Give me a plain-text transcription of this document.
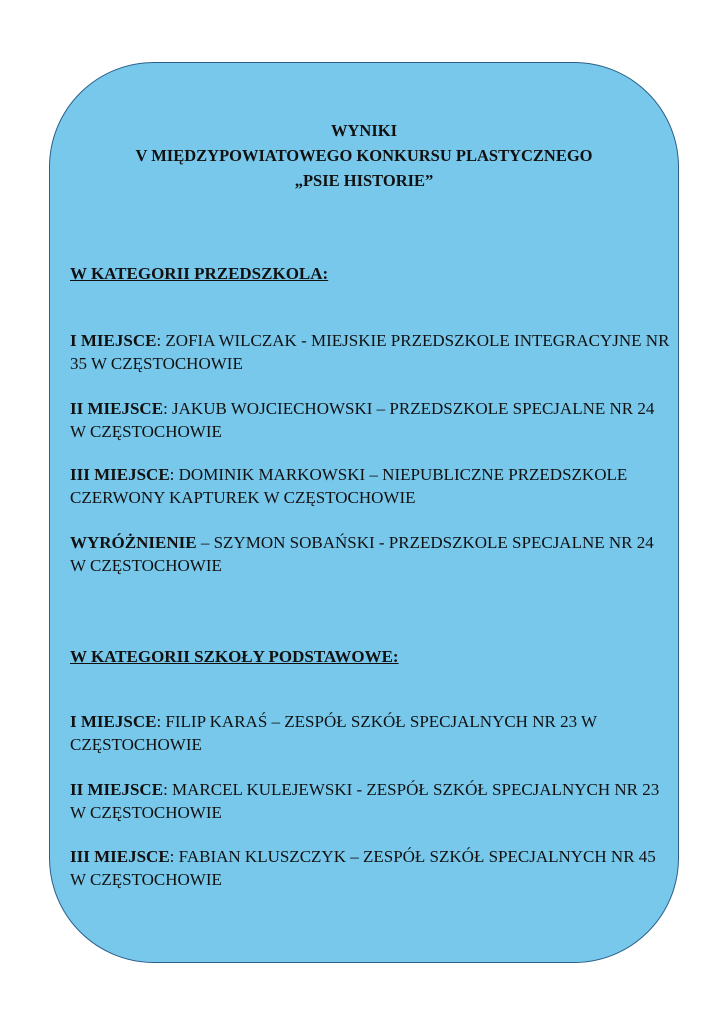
WYNIKI
V MIĘDZYPOWIATOWEGO KONKURSU PLASTYCZNEGO
„PSIE HISTORIE”
W KATEGORII PRZEDSZKOLA:
I MIEJSCE: ZOFIA WILCZAK - MIEJSKIE PRZEDSZKOLE INTEGRACYJNE NR 35 W CZĘSTOCHOWIE
II MIEJSCE: JAKUB WOJCIECHOWSKI – PRZEDSZKOLE SPECJALNE NR 24 W CZĘSTOCHOWIE
III MIEJSCE: DOMINIK MARKOWSKI – NIEPUBLICZNE PRZEDSZKOLE CZERWONY KAPTUREK W CZĘSTOCHOWIE
WYRÓŻNIENIE – SZYMON SOBAŃSKI - PRZEDSZKOLE SPECJALNE NR 24 W CZĘSTOCHOWIE
W KATEGORII SZKOŁY PODSTAWOWE:
I MIEJSCE: FILIP KARAŚ – ZESPÓŁ SZKÓŁ SPECJALNYCH NR 23 W CZĘSTOCHOWIE
II MIEJSCE: MARCEL KULEJEWSKI - ZESPÓŁ SZKÓŁ SPECJALNYCH NR 23 W CZĘSTOCHOWIE
III MIEJSCE: FABIAN KLUSZCZYK – ZESPÓŁ SZKÓŁ SPECJALNYCH NR 45 W CZĘSTOCHOWIE
